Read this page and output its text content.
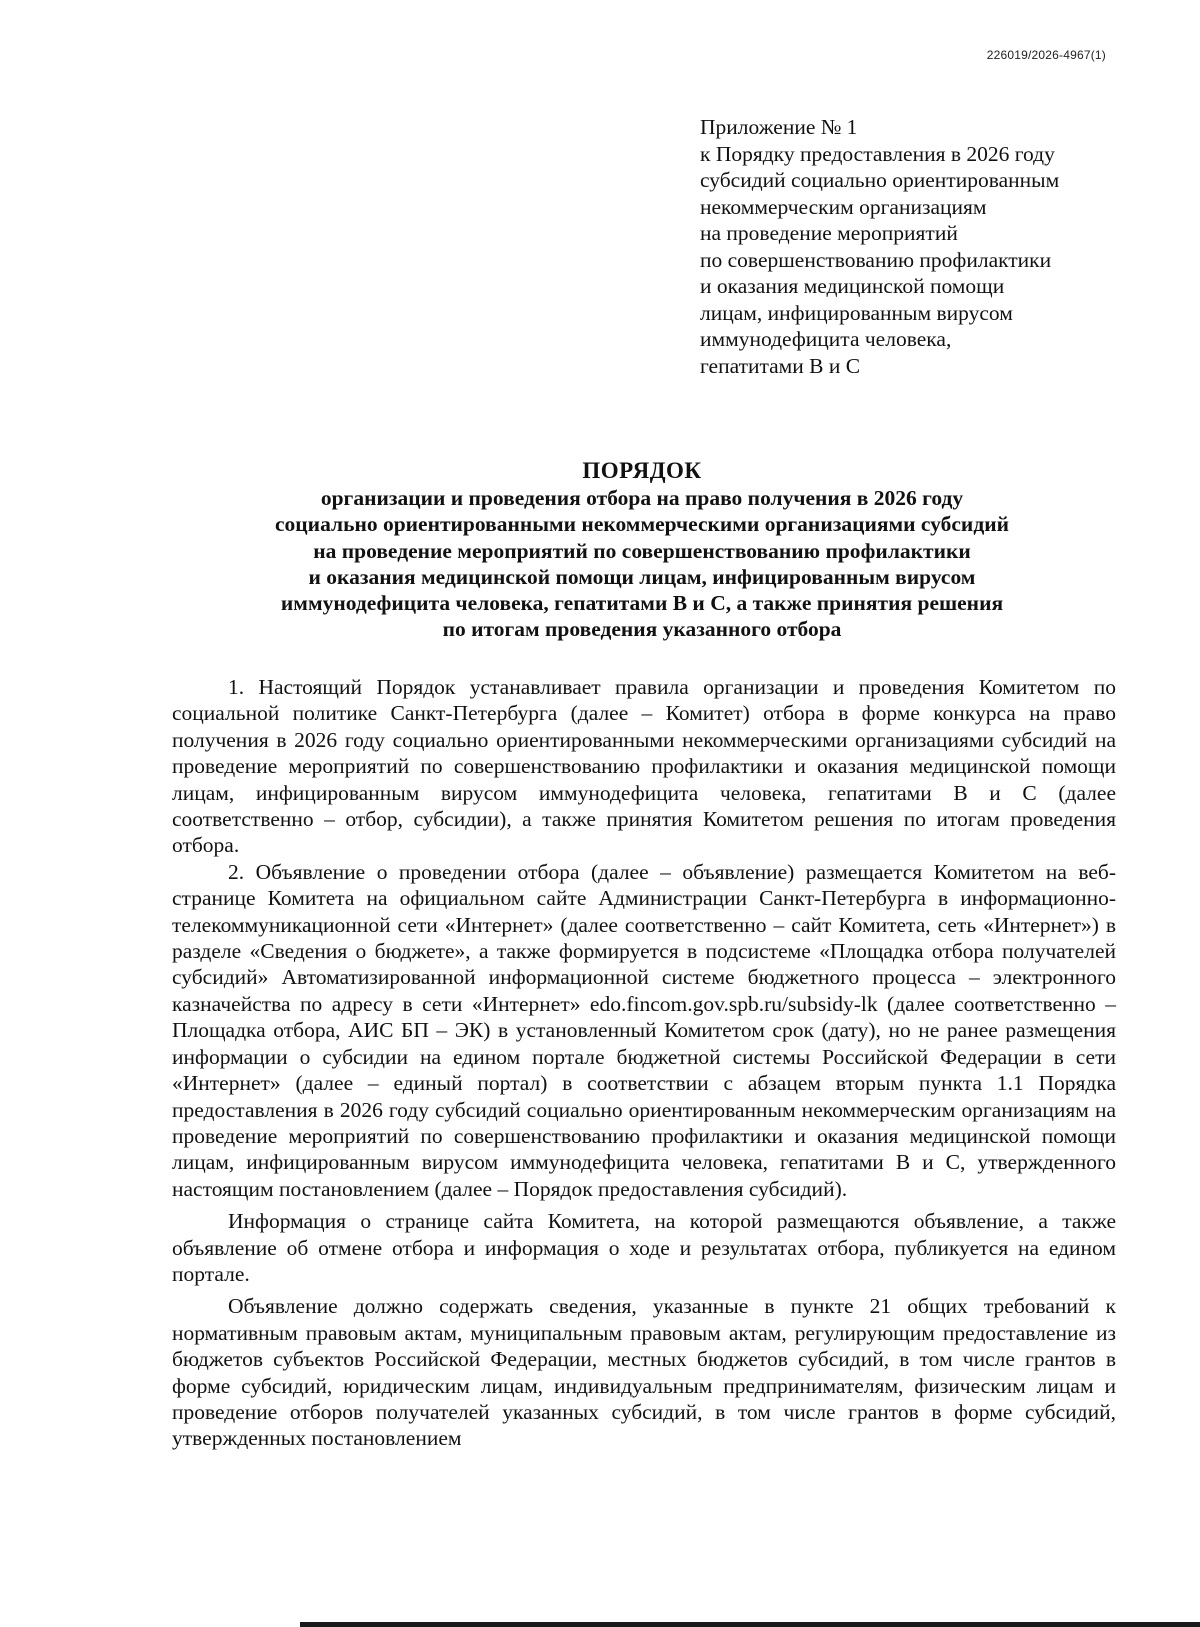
226019/2026-4967(1)
Приложение № 1
к Порядку предоставления в 2026 году
субсидий социально ориентированным
некоммерческим организациям
на проведение мероприятий
по совершенствованию профилактики
и оказания медицинской помощи
лицам, инфицированным вирусом
иммунодефицита человека,
гепатитами В и С
ПОРЯДОК
организации и проведения отбора на право получения в 2026 году
социально ориентированными некоммерческими организациями субсидий
на проведение мероприятий по совершенствованию профилактики
и оказания медицинской помощи лицам, инфицированным вирусом
иммунодефицита человека, гепатитами В и С, а также принятия решения
по итогам проведения указанного отбора

1. Настоящий Порядок устанавливает правила организации и проведения Комитетом по социальной политике Санкт-Петербурга (далее – Комитет) отбора в форме конкурса на право получения в 2026 году социально ориентированными некоммерческими организациями субсидий на проведение мероприятий по совершенствованию профилактики и оказания медицинской помощи лицам, инфицированным вирусом иммунодефицита человека, гепатитами В и С (далее соответственно – отбор, субсидии), а также принятия Комитетом решения по итогам проведения отбора.

2. Объявление о проведении отбора (далее – объявление) размещается Комитетом на веб-странице Комитета на официальном сайте Администрации Санкт-Петербурга в информационно-телекоммуникационной сети «Интернет» (далее соответственно – сайт Комитета, сеть «Интернет») в разделе «Сведения о бюджете», а также формируется в подсистеме «Площадка отбора получателей субсидий» Автоматизированной информационной системе бюджетного процесса – электронного казначейства по адресу в сети «Интернет» edo.fincom.gov.spb.ru/subsidy-lk (далее соответственно – Площадка отбора, АИС БП – ЭК) в установленный Комитетом срок (дату), но не ранее размещения информации о субсидии на едином портале бюджетной системы Российской Федерации в сети «Интернет» (далее – единый портал) в соответствии с абзацем вторым пункта 1.1 Порядка предоставления в 2026 году субсидий социально ориентированным некоммерческим организациям на проведение мероприятий по совершенствованию профилактики и оказания медицинской помощи лицам, инфицированным вирусом иммунодефицита человека, гепатитами В и С, утвержденного настоящим постановлением (далее – Порядок предоставления субсидий).

Информация о странице сайта Комитета, на которой размещаются объявление, а также объявление об отмене отбора и информация о ходе и результатах отбора, публикуется на едином портале.

Объявление должно содержать сведения, указанные в пункте 21 общих требований к нормативным правовым актам, муниципальным правовым актам, регулирующим предоставление из бюджетов субъектов Российской Федерации, местных бюджетов субсидий, в том числе грантов в форме субсидий, юридическим лицам, индивидуальным предпринимателям, физическим лицам и проведение отборов получателей указанных субсидий, в том числе грантов в форме субсидий, утвержденных постановлением
